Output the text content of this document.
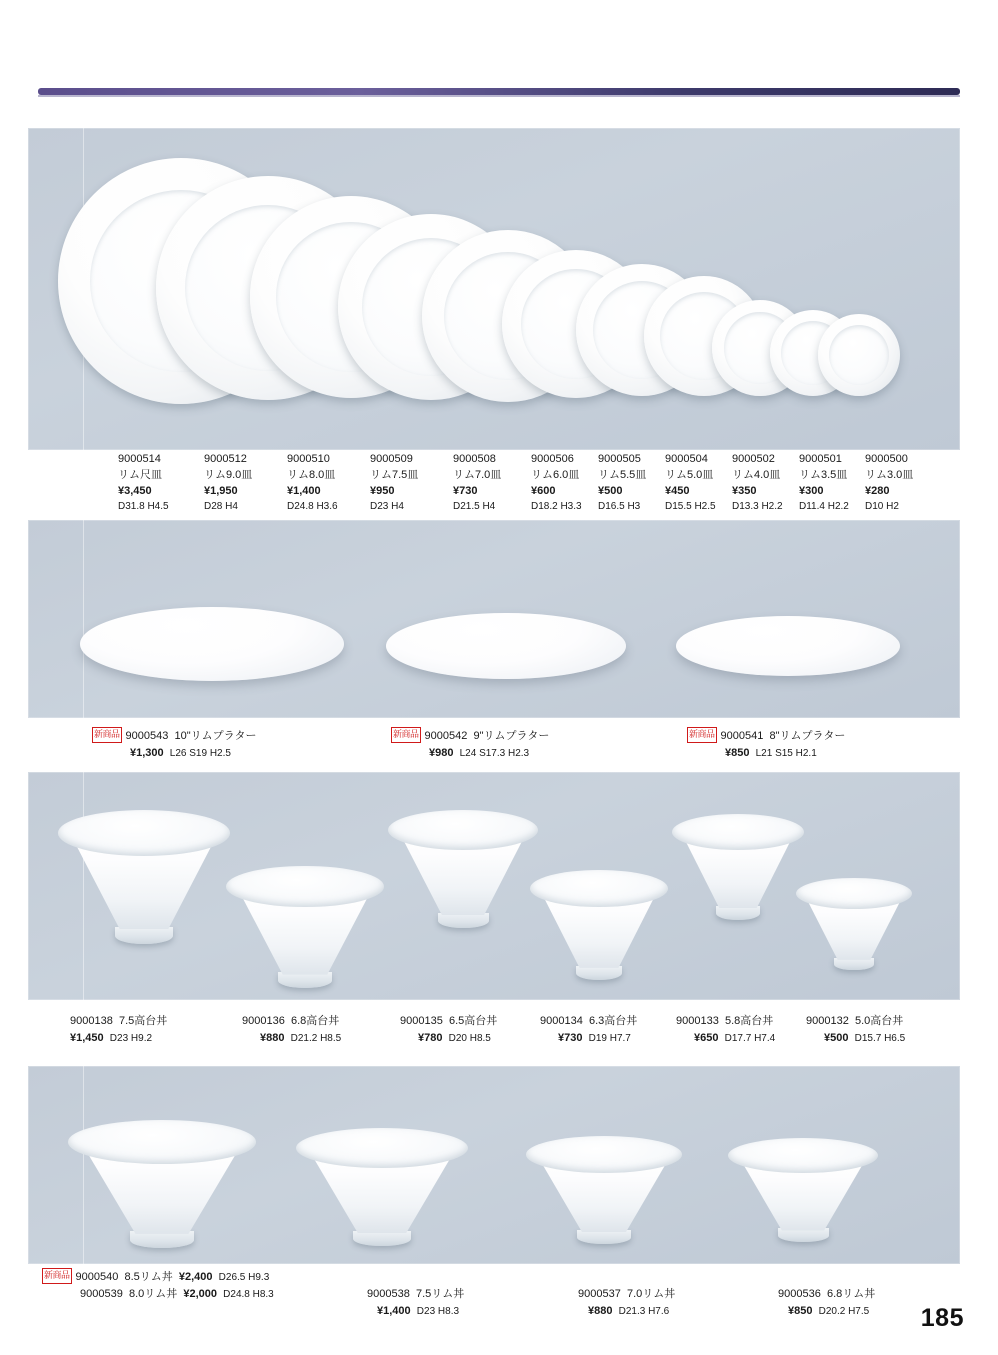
9000514
リム尺皿
¥3,450
D31.8 H4.5
9000512
リム9.0皿
¥1,950
D28 H4
9000510
リム8.0皿
¥1,400
D24.8 H3.6
9000509
リム7.5皿
¥950
D23 H4
9000508
リム7.0皿
¥730
D21.5 H4
9000506
リム6.0皿
¥600
D18.2 H3.3
9000505
リム5.5皿
¥500
D16.5 H3
9000504
リム5.0皿
¥450
D15.5 H2.5
9000502
リム4.0皿
¥350
D13.3 H2.2
9000501
リム3.5皿
¥300
D11.4 H2.2
9000500
リム3.0皿
¥280
D10 H2
新商品 9000543 10"リムプラター
¥1,300 L26 S19 H2.5
新商品 9000542 9"リムプラター
¥980 L24 S17.3 H2.3
新商品 9000541 8"リムプラター
¥850 L21 S15 H2.1
9000138 7.5高台丼
¥1,450 D23 H9.2
9000136 6.8高台丼
¥880 D21.2 H8.5
9000135 6.5高台丼
¥780 D20 H8.5
9000134 6.3高台丼
¥730 D19 H7.7
9000133 5.8高台丼
¥650 D17.7 H7.4
9000132 5.0高台丼
¥500 D15.7 H6.5
新商品 9000540 8.5リム丼 ¥2,400 D26.5 H9.3
9000539 8.0リム丼 ¥2,000 D24.8 H8.3	9000538 7.5リム丼
¥1,400 D23 H8.3
9000537 7.0リム丼
¥880 D21.3 H7.6
9000536 6.8リム丼
¥850 D20.2 H7.5 185
